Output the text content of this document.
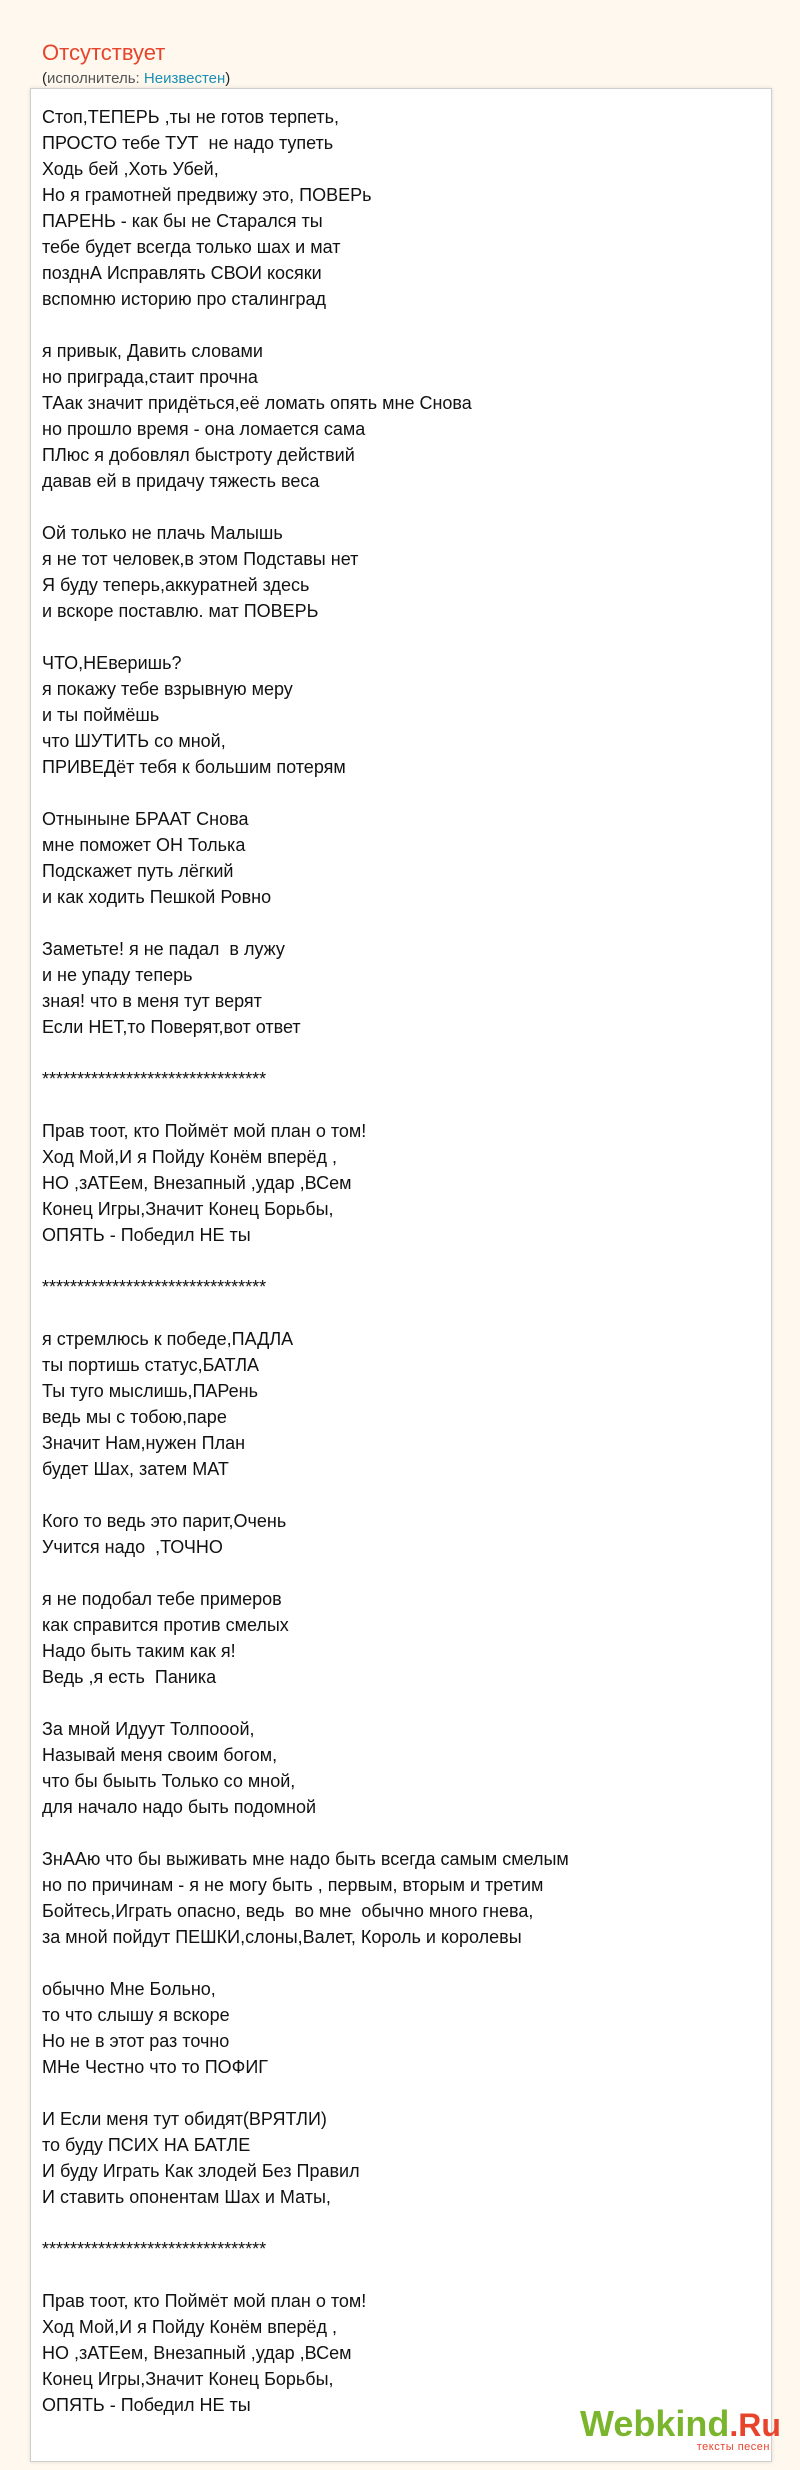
Отсутствует
(исполнитель: Неизвестен)
Стоп,ТЕПЕРЬ ,ты не готов терпеть,
ПРОСТО тебе ТУТ  не надо тупеть
Ходь бей ,Хоть Убей,
Но я грамотней предвижу это, ПОВЕРь
ПАРЕНЬ - как бы не Старался ты
тебе будет всегда только шах и мат
позднА Исправлять СВОИ косяки
вспомню историю про сталинград
я привык, Давить словами
но приграда,стаит прочна
ТАак значит придёться,её ломать опять мне Снова
но прошло время - она ломается сама
ПЛюс я добовлял быстроту действий
давав ей в придачу тяжесть веса
Ой только не плачь Малышь
я не тот человек,в этом Подставы нет
Я буду теперь,аккуратней здесь
и вскоре поставлю. мат ПОВЕРЬ
ЧТО,НЕверишь?
я покажу тебе взрывную меру
и ты поймёшь
что ШУТИТЬ со мной,
ПРИВЕДёт тебя к большим потерям
Отныныне БРААТ Снова
мне поможет ОН Толька
Подскажет путь лёгкий
и как ходить Пешкой Ровно
Заметьте! я не падал  в лужу
и не упаду теперь
зная! что в меня тут верят
Если НЕТ,то Поверят,вот ответ
********************************
Прав тоот, кто Поймёт мой план о том!
Ход Мой,И я Пойду Конём вперёд ,
НО ,зАТЕем, Внезапный ,удар ,ВСем
Конец Игры,Значит Конец Борьбы,
ОПЯТЬ - Победил НЕ ты
********************************
я стремлюсь к победе,ПАДЛА
ты портишь статус,БАТЛА
Ты туго мыслишь,ПАРень
ведь мы с тобою,паре
Значит Нам,нужен План
будет Шах, затем МАТ
Кого то ведь это парит,Очень
Учится надо  ,ТОЧНО
я не подобал тебе примеров
как справится против смелых
Надо быть таким как я!
Ведь ,я есть  Паника
За мной Идуут Толпооой,
Называй меня своим богом,
что бы быыть Только со мной,
для начало надо быть подомной
ЗнААю что бы выживать мне надо быть всегда самым смелым
но по причинам - я не могу быть , первым, вторым и третим
Бойтесь,Играть опасно, ведь  во мне  обычно много гнева,
за мной пойдут ПЕШКИ,слоны,Валет, Король и королевы
обычно Мне Больно,
то что слышу я вскоре
Но не в этот раз точно
МНе Честно что то ПОФИГ
И Если меня тут обидят(ВРЯТЛИ)
то буду ПСИХ НА БАТЛЕ
И буду Играть Как злодей Без Правил
И ставить опонентам Шах и Маты,
********************************
Прав тоот, кто Поймёт мой план о том!
Ход Мой,И я Пойду Конём вперёд ,
НО ,зАТЕем, Внезапный ,удар ,ВСем
Конец Игры,Значит Конец Борьбы,
ОПЯТЬ - Победил НЕ ты	Webkind.Ru
тексты песен
